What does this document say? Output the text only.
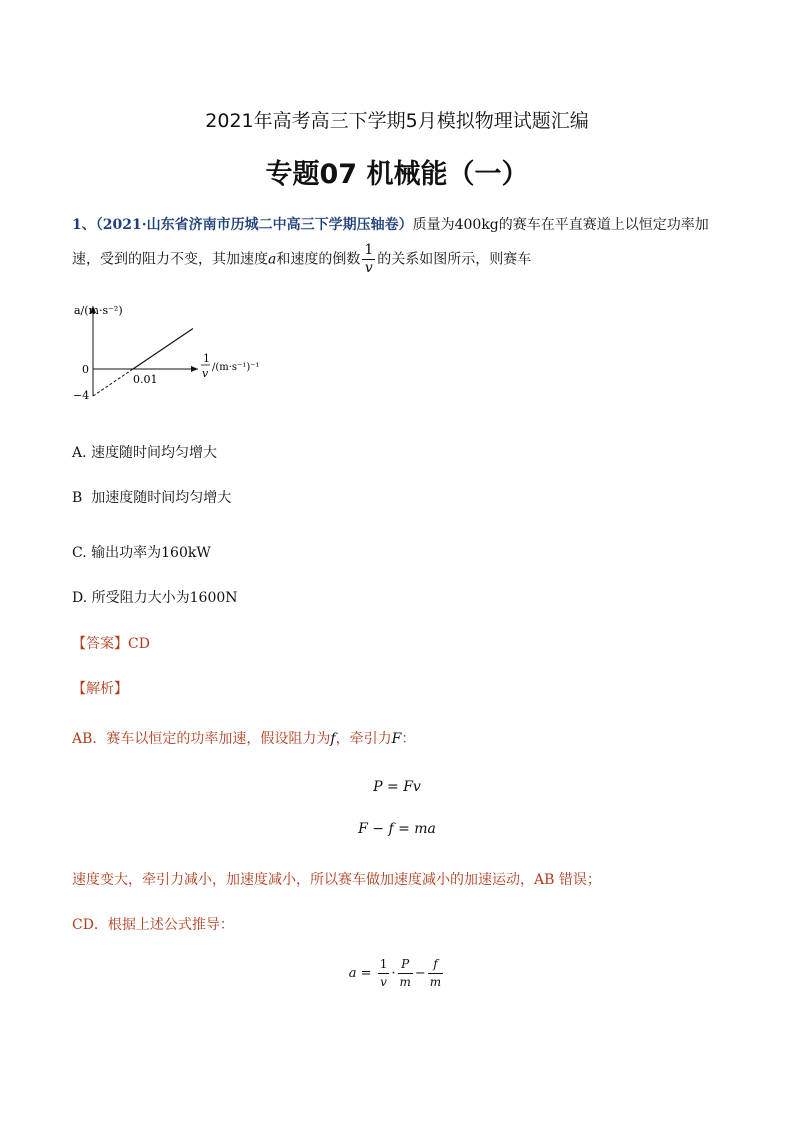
2021年高考高三下学期5月模拟物理试题汇编
专题07 机械能（一）
1、（2021·山东省济南市历城二中高三下学期压轴卷）质量为400kg的赛车在平直赛道上以恒定功率加
速，受到的阻力不变，其加速度a和速度的倒数 $\frac{1}{v}$ 的关系如图所示，则赛车
a/(m·s⁻²)
0
0.01
−4
1
v /(m·s⁻¹)⁻¹
A. 速度随时间均匀增大
B 加速度随时间均匀增大
C. 输出功率为160kW
D. 所受阻力大小为1600N
【答案】CD
【解析】
AB．赛车以恒定的功率加速，假设阻力为f，牵引力F：
P = Fv
F − f = ma
速度变大，牵引力减小，加速度减小，所以赛车做加速度减小的加速运动，AB 错误；
CD．根据上述公式推导：
$a = \frac{1}{v} \cdot \frac{P}{m} - \frac{f}{m}$
